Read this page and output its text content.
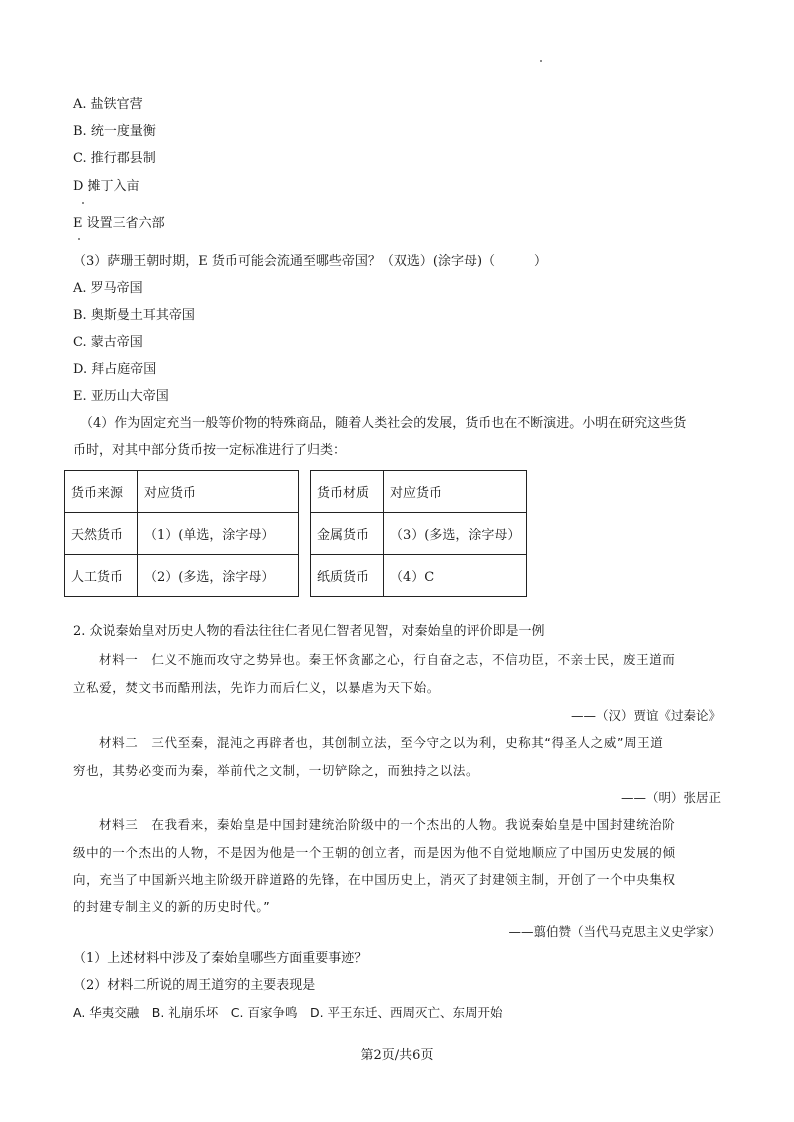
A. 盐铁官营
B. 统一度量衡
C. 推行郡县制
D 摊丁入亩
E 设置三省六部
（3）萨珊王朝时期，E 货币可能会流通至哪些帝国？（双选）(涂字母)（　　　）
A. 罗马帝国
B. 奥斯曼土耳其帝国
C. 蒙古帝国
D. 拜占庭帝国
E. 亚历山大帝国
（4）作为固定充当一般等价物的特殊商品，随着人类社会的发展，货币也在不断演进。小明在研究这些货
币时，对其中部分货币按一定标准进行了归类：
货币来源	对应货币
天然货币	（1）(单选，涂字母）
人工货币	（2）(多选，涂字母）
货币材质	对应货币
金属货币	（3）(多选，涂字母）
纸质货币	（4）C
2. 众说秦始皇对历史人物的看法往往仁者见仁智者见智，对秦始皇的评价即是一例
材料一　仁义不施而攻守之势异也。秦王怀贪鄙之心，行自奋之志，不信功臣，不亲士民，废王道而
立私爱，焚文书而酷刑法，先诈力而后仁义，以暴虐为天下始。
——（汉）贾谊《过秦论》
材料二　三代至秦，混沌之再辟者也，其创制立法，至今守之以为利，史称其“得圣人之威”周王道
穷也，其势必变而为秦，举前代之文制，一切铲除之，而独持之以法。
——（明）张居正
材料三　在我看来，秦始皇是中国封建统治阶级中的一个杰出的人物。我说秦始皇是中国封建统治阶
级中的一个杰出的人物，不是因为他是一个王朝的创立者，而是因为他不自觉地顺应了中国历史发展的倾
向，充当了中国新兴地主阶级开辟道路的先锋，在中国历史上，消灭了封建领主制，开创了一个中央集权
的封建专制主义的新的历史时代。”
——翦伯赞（当代马克思主义史学家）
（1）上述材料中涉及了秦始皇哪些方面重要事迹？
（2）材料二所说的周王道穷的主要表现是
A. 华夷交融　B. 礼崩乐坏　C. 百家争鸣　D. 平王东迁、西周灭亡、东周开始
第2页/共6页
